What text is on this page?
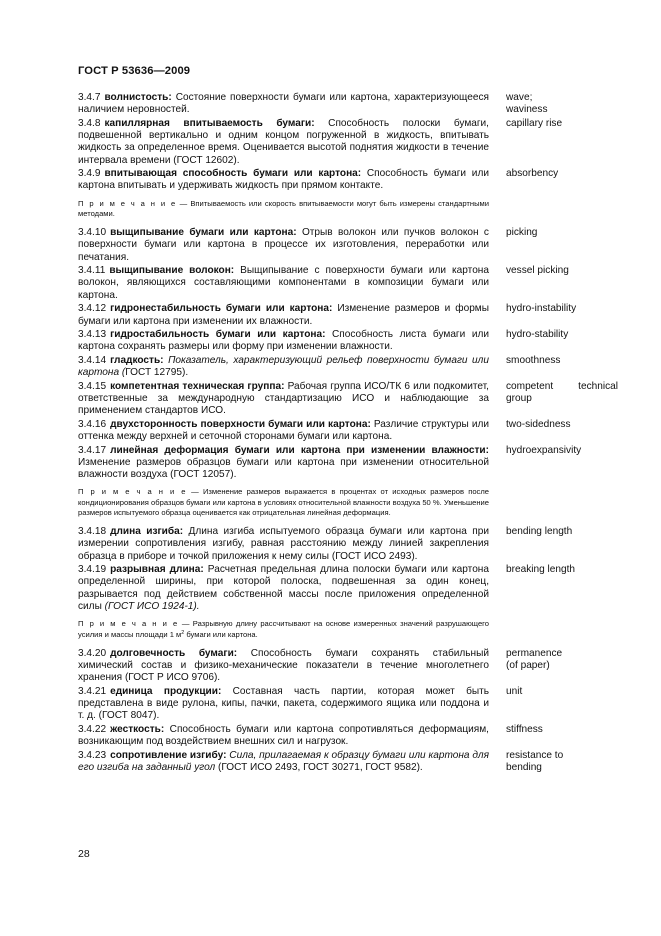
ГОСТ Р 53636—2009
3.4.7 волнистость: Состояние поверхности бумаги или картона, характеризующееся наличием неровностей.
wave;
waviness
3.4.8 капиллярная впитываемость бумаги: Способность полоски бумаги, подвешенной вертикально и одним концом погруженной в жидкость, впитывать жидкость за определенное время. Оценивается высотой поднятия жидкости в течение интервала времени (ГОСТ 12602).
capillary rise
3.4.9 впитывающая способность бумаги или картона: Способность бумаги или картона впитывать и удерживать жидкость при прямом контакте.
absorbency
П р и м е ч а н и е — Впитываемость или скорость впитываемости могут быть измерены стандартными методами.
3.4.10 выщипывание бумаги или картона: Отрыв волокон или пучков волокон с поверхности бумаги или картона в процессе их изготовления, переработки или печатания.
picking
3.4.11 выщипывание волокон: Выщипывание с поверхности бумаги или картона волокон, являющихся составляющими компонентами в композиции бумаги или картона.
vessel picking
3.4.12 гидронестабильность бумаги или картона: Изменение размеров и формы бумаги или картона при изменении их влажности.
hydro-instability
3.4.13 гидростабильность бумаги или картона: Способность листа бумаги или картона сохранять размеры или форму при изменении влажности.
hydro-stability
3.4.14 гладкость: Показатель, характеризующий рельеф поверхности бумаги или картона (ГОСТ 12795).
smoothness
3.4.15 компетентная техническая группа: Рабочая группа ИСО/ТК 6 или подкомитет, ответственные за международную стандартизацию ИСО и наблюдающие за применением стандартов ИСО.
competent technical group
3.4.16 двухсторонность поверхности бумаги или картона: Различие структуры или оттенка между верхней и сеточной сторонами бумаги или картона.
two-sidedness
3.4.17 линейная деформация бумаги или картона при изменении влажности: Изменение размеров образцов бумаги или картона при изменении относительной влажности воздуха (ГОСТ 12057).
hydroexpansivity
П р и м е ч а н и е — Изменение размеров выражается в процентах от исходных размеров после кондиционирования образцов бумаги или картона в условиях относительной влажности воздуха 50 %. Уменьшение размеров испытуемого образца оценивается как отрицательная линейная деформация.
3.4.18 длина изгиба: Длина изгиба испытуемого образца бумаги или картона при измерении сопротивления изгибу, равная расстоянию между линией закрепления образца в приборе и точкой приложения к нему силы (ГОСТ ИСО 2493).
bending length
3.4.19 разрывная длина: Расчетная предельная длина полоски бумаги или картона определенной ширины, при которой полоска, подвешенная за один конец, разрывается под действием собственной массы после приложения определенной силы (ГОСТ ИСО 1924-1).
breaking length
П р и м е ч а н и е — Разрывную длину рассчитывают на основе измеренных значений разрушающего усилия и массы площади 1 $м^2$ бумаги или картона.
3.4.20 долговечность бумаги: Способность бумаги сохранять стабильный химический состав и физико-механические показатели в течение многолетнего хранения (ГОСТ Р ИСО 9706).
permanence
(of paper)
3.4.21 единица продукции: Составная часть партии, которая может быть представлена в виде рулона, кипы, пачки, пакета, содержимого ящика или поддона и т. д. (ГОСТ 8047).
unit
3.4.22 жесткость: Способность бумаги или картона сопротивляться деформациям, возникающим под воздействием внешних сил и нагрузок.
stiffness
3.4.23 сопротивление изгибу: Сила, прилагаемая к образцу бумаги или картона для его изгиба на заданный угол (ГОСТ ИСО 2493, ГОСТ 30271, ГОСТ 9582).
resistance to
bending
28
